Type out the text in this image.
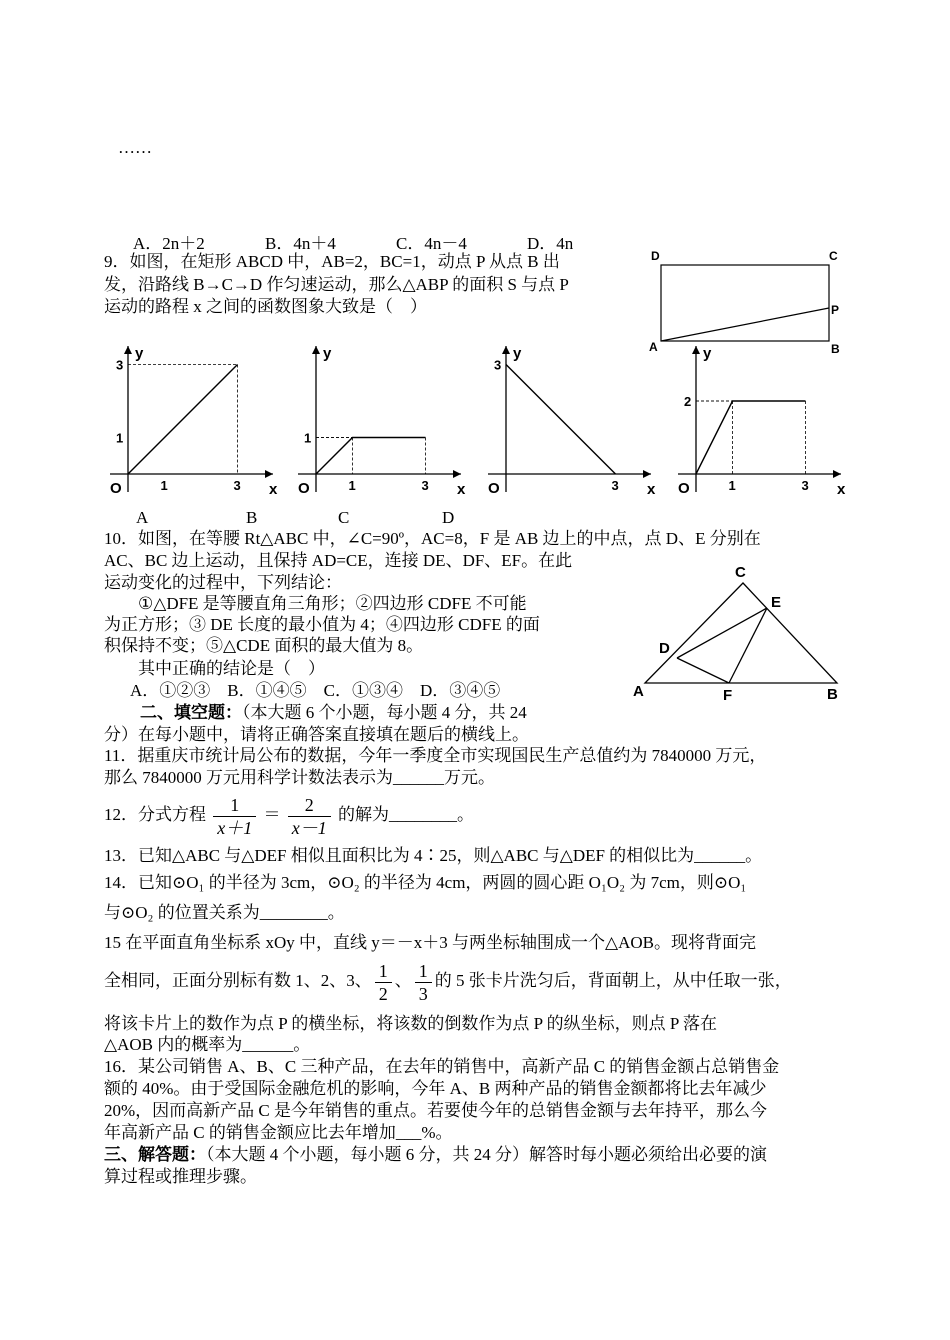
……
A．2n＋2	B．4n＋4	C．4n－4	D．4n
9．如图，在矩形 ABCD 中，AB=2，BC=1，动点 P 从点 B 出
发，沿路线 B→C→D 作匀速运动，那么△ABP 的面积 S 与点 P
运动的路程 x 之间的函数图象大致是（　）
D	C
A	B
P
y
x
O	1	3
1
3
y
x
O	1	3
1
y
x
O	3
3
y
x
O	1	3
2
A	B	C	D
10．如图，在等腰 Rt△ABC 中，∠C=90º，AC=8，F 是 AB 边上的中点，点 D、E 分别在
AC、BC 边上运动，且保持 AD=CE，连接 DE、DF、EF。在此
运动变化的过程中，下列结论：
①△DFE 是等腰直角三角形；②四边形 CDFE 不可能
为正方形；③ DE 长度的最小值为 4；④四边形 CDFE 的面
积保持不变；⑤△CDE 面积的最大值为 8。
其中正确的结论是（　）
A．①②③　B．①④⑤　C．①③④　D．③④⑤
C
E
D
A	F	B
二、填空题：（本大题 6 个小题，每小题 4 分，共 24
分）在每小题中，请将正确答案直接填在题后的横线上。
11．据重庆市统计局公布的数据，今年一季度全市实现国民生产总值约为 7840000 万元，
那么 7840000 万元用科学计数法表示为______万元。
12．分式方程 $\frac{1}{x+1} = \frac{2}{x-1}$ 的解为________。
13．已知△ABC 与△DEF 相似且面积比为 4∶25，则△ABC 与△DEF 的相似比为______。
14．已知⊙O₁ 的半径为 3cm，⊙O₂ 的半径为 4cm，两圆的圆心距 O₁O₂ 为 7cm，则⊙O₁
与⊙O₂ 的位置关系为________。
15 在平面直角坐标系 xOy 中，直线 y＝－x＋3 与两坐标轴围成一个△AOB。现将背面完
全相同，正面分别标有数 1、2、3、 $\frac{1}{2}$ 、 $\frac{1}{3}$ 的 5 张卡片洗匀后，背面朝上，从中任取一张，
将该卡片上的数作为点 P 的横坐标，将该数的倒数作为点 P 的纵坐标，则点 P 落在
△AOB 内的概率为______。
16．某公司销售 A、B、C 三种产品，在去年的销售中，高新产品 C 的销售金额占总销售金
额的 40%。由于受国际金融危机的影响，今年 A、B 两种产品的销售金额都将比去年减少
20%，因而高新产品 C 是今年销售的重点。若要使今年的总销售金额与去年持平，那么今
年高新产品 C 的销售金额应比去年增加___%。
三、解答题：（本大题 4 个小题，每小题 6 分，共 24 分）解答时每小题必须给出必要的演
算过程或推理步骤。
